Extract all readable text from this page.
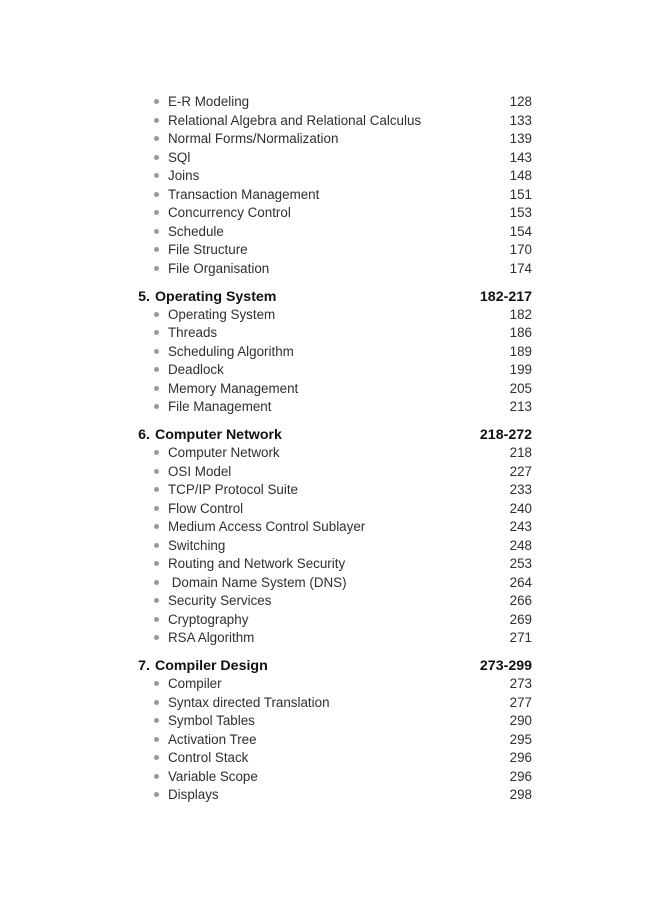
E-R Modeling	128
Relational Algebra and Relational Calculus	133
Normal Forms/Normalization	139
SQl	143
Joins	148
Transaction Management	151
Concurrency Control	153
Schedule	154
File Structure	170
File Organisation	174
5. Operating System	182-217
Operating System	182
Threads	186
Scheduling Algorithm	189
Deadlock	199
Memory Management	205
File Management	213
6. Computer Network	218-272
Computer Network	218
OSI Model	227
TCP/IP Protocol Suite	233
Flow Control	240
Medium Access Control Sublayer	243
Switching	248
Routing and Network Security	253
Domain Name System (DNS)	264
Security Services	266
Cryptography	269
RSA Algorithm	271
7. Compiler Design	273-299
Compiler	273
Syntax directed Translation	277
Symbol Tables	290
Activation Tree	295
Control Stack	296
Variable Scope	296
Displays	298
